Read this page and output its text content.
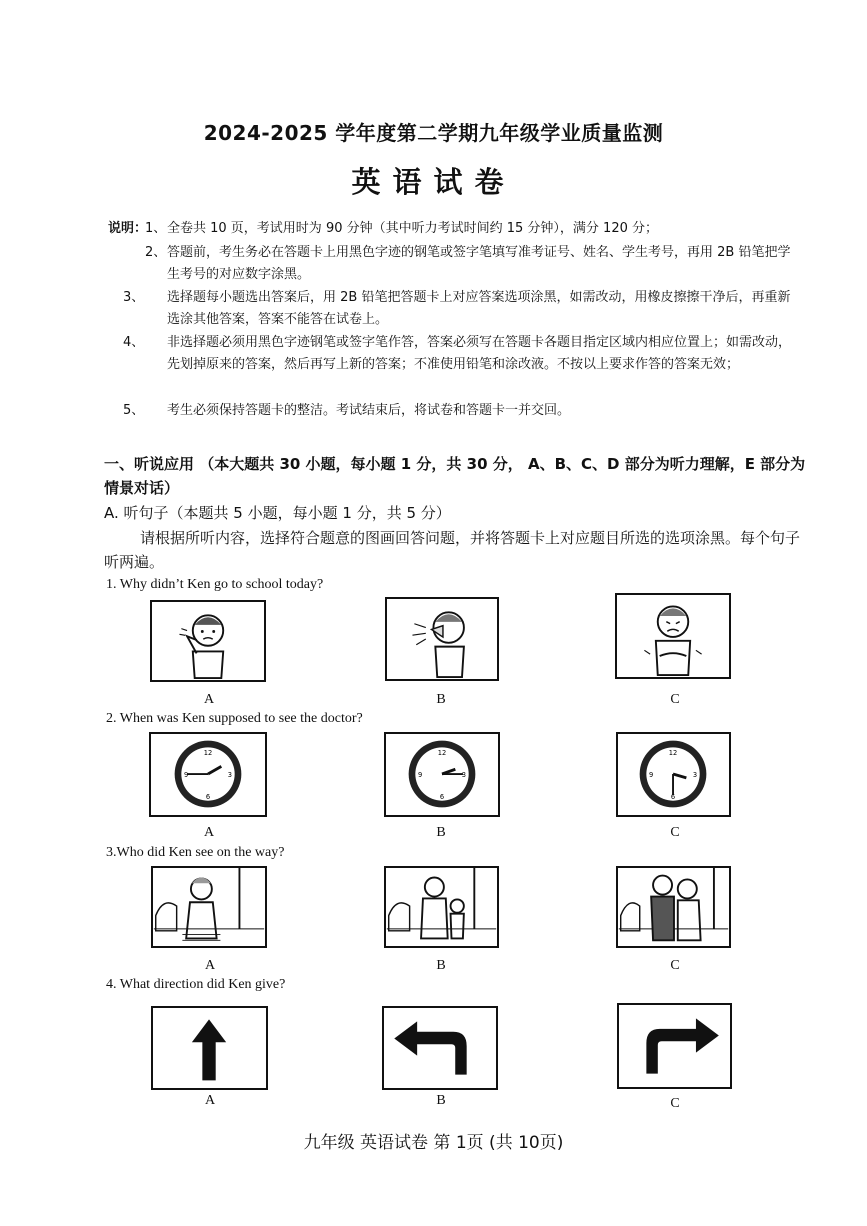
2024-2025 学年度第二学期九年级学业质量监测
英语试卷
说明：
1、全卷共 10 页，考试用时为 90 分钟（其中听力考试时间约 15 分钟），满分 120 分；
2、答题前，考生务必在答题卡上用黑色字迹的钢笔或签字笔填写准考证号、姓名、学生考号，再用 2B 铅笔把学生考号的对应数字涂黑。
3、 选择题每小题选出答案后，用 2B 铅笔把答题卡上对应答案选项涂黑，如需改动，用橡皮擦擦干净后，再重新选涂其他答案，答案不能答在试卷上。
4、 非选择题必须用黑色字迹钢笔或签字笔作答，答案必须写在答题卡各题目指定区域内相应位置上；如需改动，先划掉原来的答案，然后再写上新的答案；不准使用铅笔和涂改液。不按以上要求作答的答案无效；
5、 考生必须保持答题卡的整洁。考试结束后，将试卷和答题卡一并交回。
一、听说应用 （本大题共 30 小题，每小题 1 分，共 30 分， A、B、C、D 部分为听力理解，E 部分为情景对话）
A. 听句子（本题共 5 小题，每小题 1 分，共 5 分）
请根据所听内容，选择符合题意的图画回答问题，并将答题卡上对应题目所选的选项涂黑。每个句子听两遍。
1. Why didn’t Ken go to school today?
A	B	C
2. When was Ken supposed to see the doctor?
12
3
6
9
12
3
6
9
12
3
6
9
A	B	C
3.Who did Ken see on the way?
A	B	C
4. What direction did Ken give?
A	B	C
九年级 英语试卷 第 1页 (共 10页)
